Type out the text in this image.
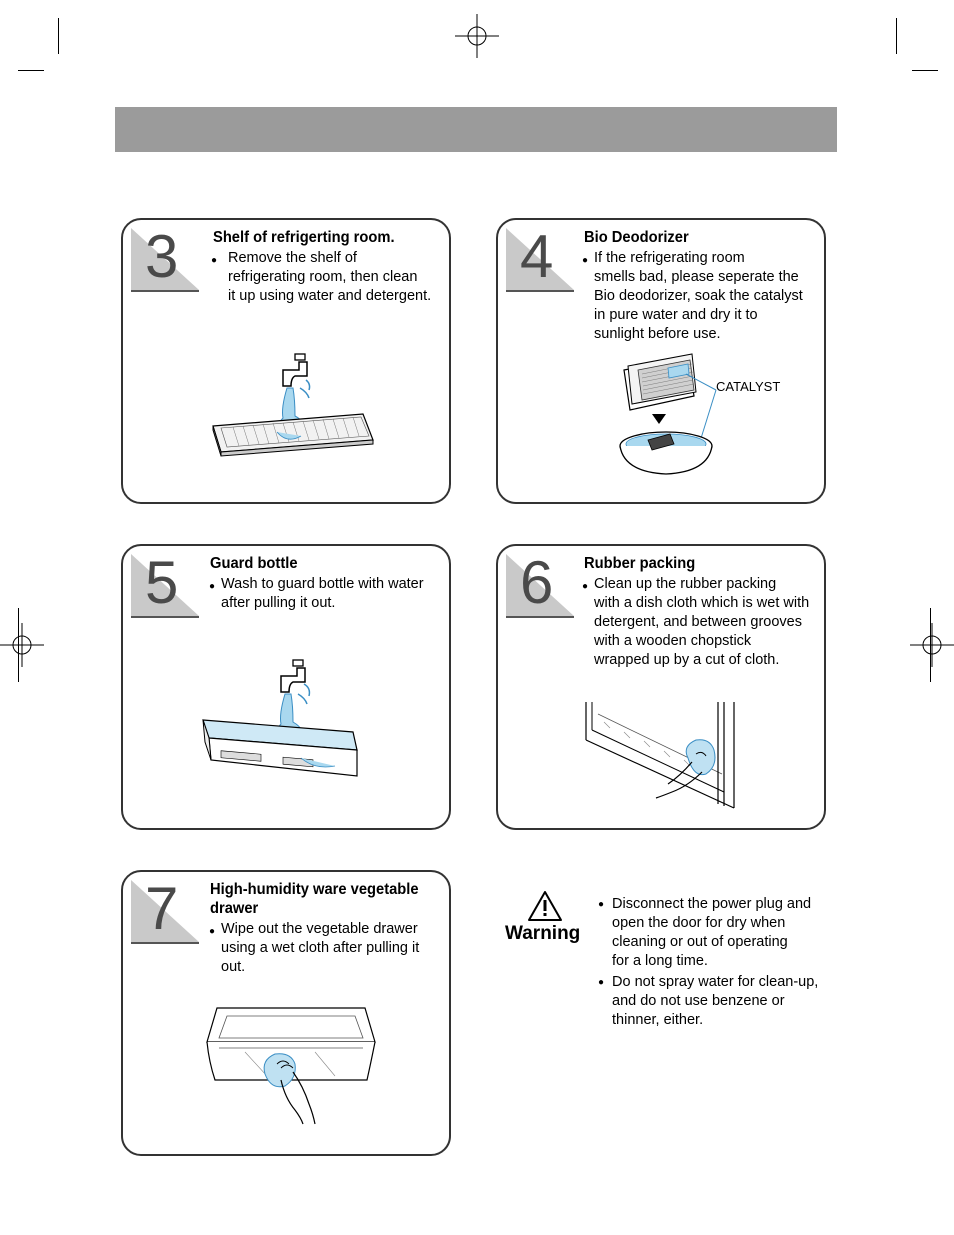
3 Shelf of refrigerting room.
● Remove the shelf of
refrigerating room, then clean
it up using water and detergent.
4 Bio Deodorizer
● If the refrigerating room
smells bad, please seperate the
Bio deodorizer, soak the catalyst
in pure water and dry it to
sunlight before use.
CATALYST
5 Guard bottle
● Wash to guard bottle with water
after pulling it out.	6 Rubber packing
● Clean up the rubber packing
with a dish cloth which is wet with
detergent, and between grooves
with a wooden chopstick
wrapped up by a cut of cloth.
7 High-humidity ware vegetable
drawer
● Wipe out the vegetable drawer
using a wet cloth after pulling it
out.
Warning
● Disconnect the power plug and
open the door for dry when
cleaning or out of operating
for a long time.
● Do not spray water for clean-up,
and do not use benzene or
thinner, either.
